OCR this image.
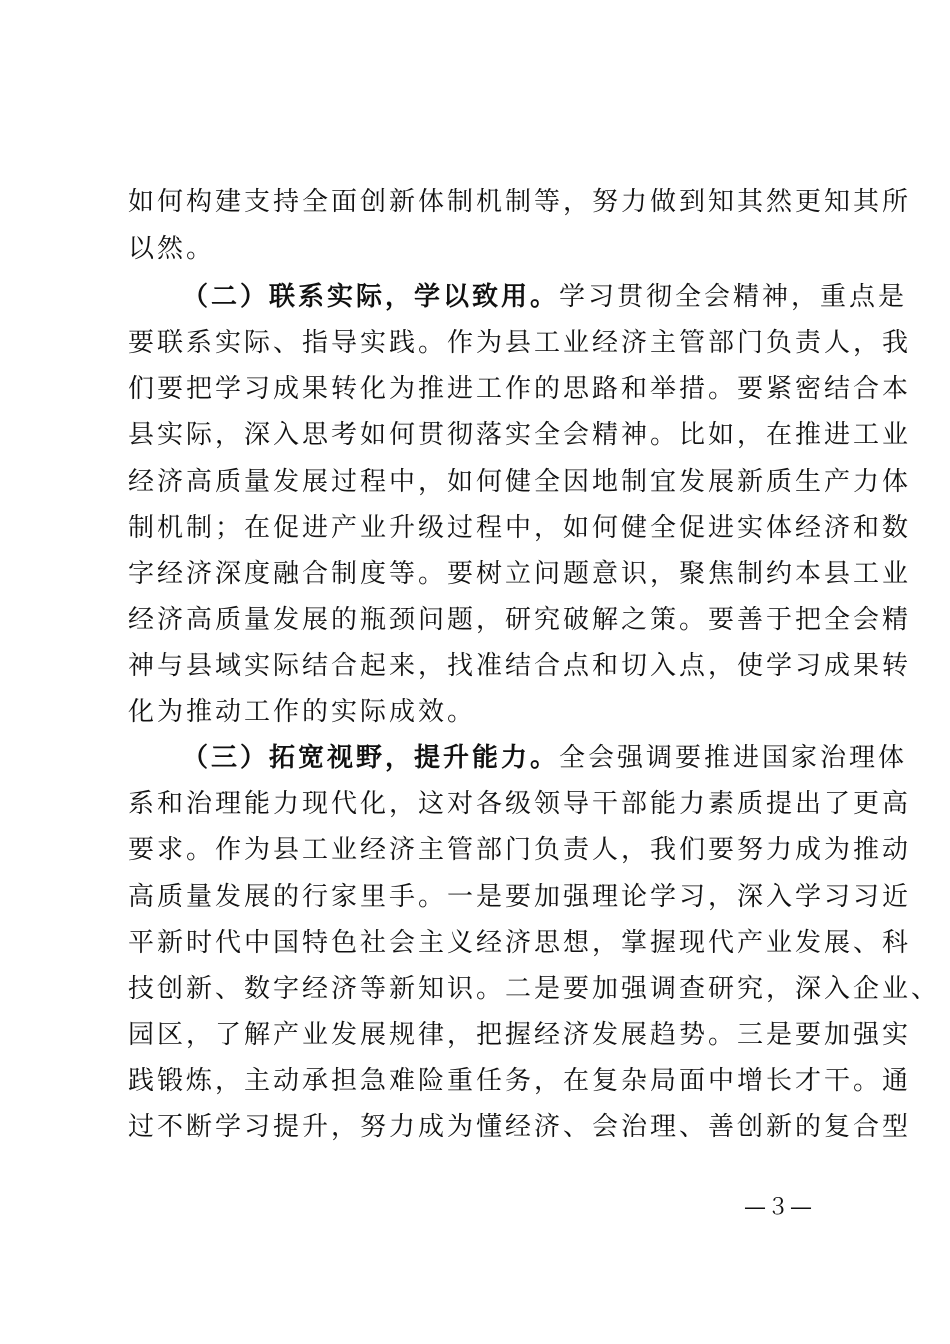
如何构建支持全面创新体制机制等，努力做到知其然更知其所
以然。
（二）联系实际，学以致用。学习贯彻全会精神，重点是
要联系实际、指导实践。作为县工业经济主管部门负责人，我
们要把学习成果转化为推进工作的思路和举措。要紧密结合本
县实际，深入思考如何贯彻落实全会精神。比如，在推进工业
经济高质量发展过程中，如何健全因地制宜发展新质生产力体
制机制；在促进产业升级过程中，如何健全促进实体经济和数
字经济深度融合制度等。要树立问题意识，聚焦制约本县工业
经济高质量发展的瓶颈问题，研究破解之策。要善于把全会精
神与县域实际结合起来，找准结合点和切入点，使学习成果转
化为推动工作的实际成效。
（三）拓宽视野，提升能力。全会强调要推进国家治理体
系和治理能力现代化，这对各级领导干部能力素质提出了更高
要求。作为县工业经济主管部门负责人，我们要努力成为推动
高质量发展的行家里手。一是要加强理论学习，深入学习习近
平新时代中国特色社会主义经济思想，掌握现代产业发展、科
技创新、数字经济等新知识。二是要加强调查研究，深入企业、
园区，了解产业发展规律，把握经济发展趋势。三是要加强实
践锻炼，主动承担急难险重任务，在复杂局面中增长才干。通
过不断学习提升，努力成为懂经济、会治理、善创新的复合型
—３—
